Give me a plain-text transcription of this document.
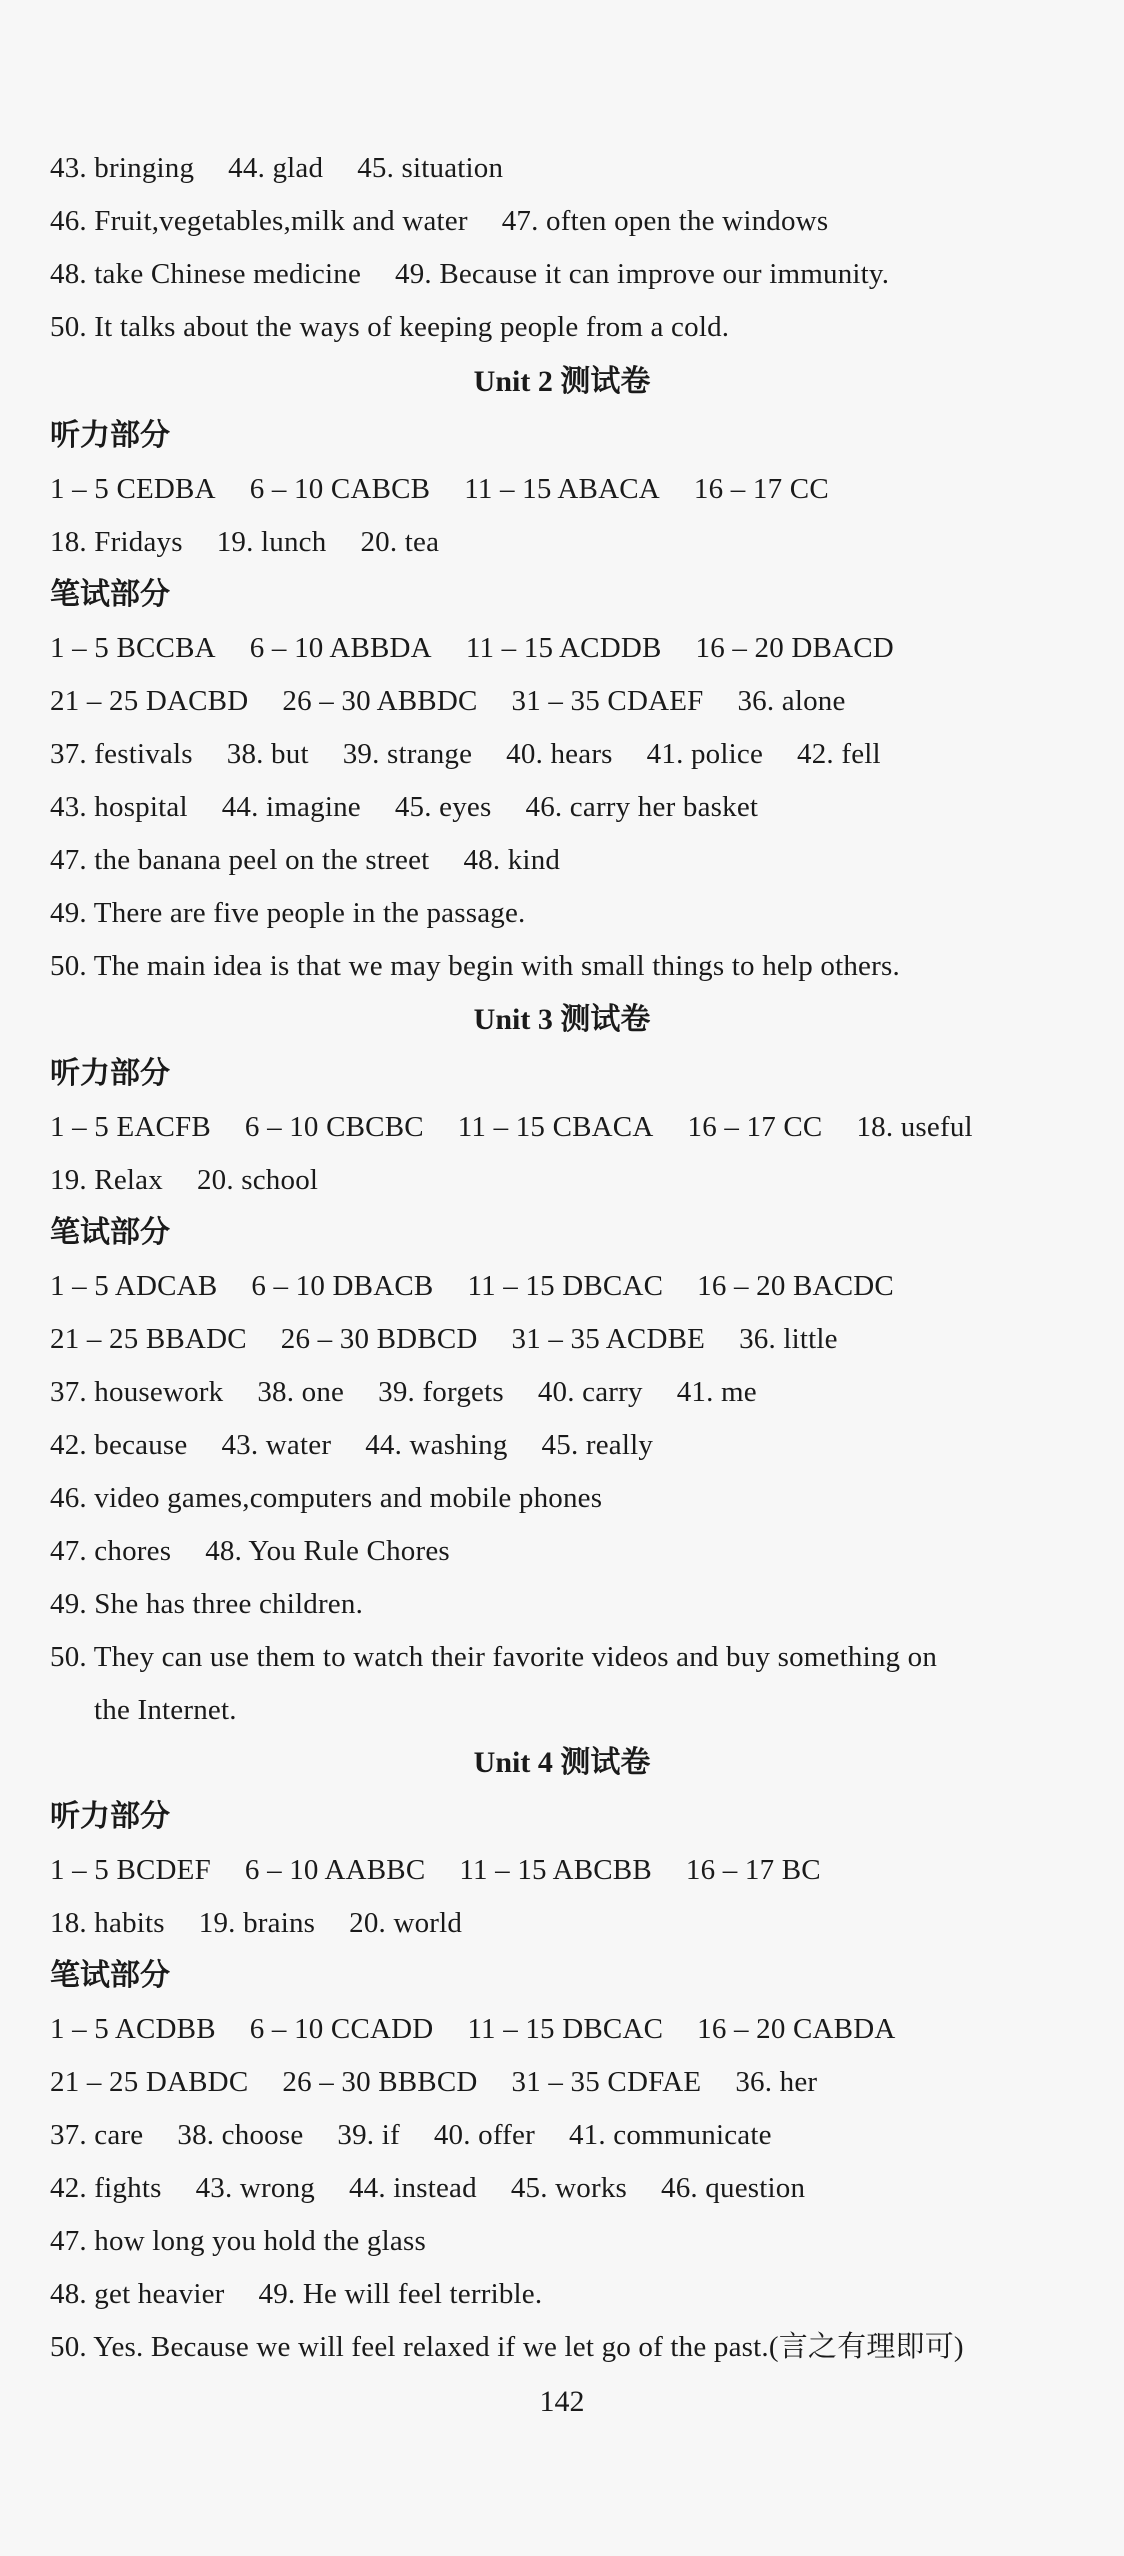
43. bringing 44. glad 45. situation
46. Fruit,vegetables,milk and water 47. often open the windows
48. take Chinese medicine 49. Because it can improve our immunity.
50. It talks about the ways of keeping people from a cold.
Unit 2 测试卷
听力部分
1 – 5 CEDBA 6 – 10 CABCB 11 – 15 ABACA 16 – 17 CC
18. Fridays 19. lunch 20. tea
笔试部分
1 – 5 BCCBA 6 – 10 ABBDA 11 – 15 ACDDB 16 – 20 DBACD
21 – 25 DACBD 26 – 30 ABBDC 31 – 35 CDAEF 36. alone
37. festivals 38. but 39. strange 40. hears 41. police 42. fell
43. hospital 44. imagine 45. eyes 46. carry her basket
47. the banana peel on the street 48. kind
49. There are five people in the passage.
50. The main idea is that we may begin with small things to help others.
Unit 3 测试卷
听力部分
1 – 5 EACFB 6 – 10 CBCBC 11 – 15 CBACA 16 – 17 CC 18. useful
19. Relax 20. school
笔试部分
1 – 5 ADCAB 6 – 10 DBACB 11 – 15 DBCAC 16 – 20 BACDC
21 – 25 BBADC 26 – 30 BDBCD 31 – 35 ACDBE 36. little
37. housework 38. one 39. forgets 40. carry 41. me
42. because 43. water 44. washing 45. really
46. video games,computers and mobile phones
47. chores 48. You Rule Chores
49. She has three children.
50. They can use them to watch their favorite videos and buy something on
the Internet.
Unit 4 测试卷
听力部分
1 – 5 BCDEF 6 – 10 AABBC 11 – 15 ABCBB 16 – 17 BC
18. habits 19. brains 20. world
笔试部分
1 – 5 ACDBB 6 – 10 CCADD 11 – 15 DBCAC 16 – 20 CABDA
21 – 25 DABDC 26 – 30 BBBCD 31 – 35 CDFAE 36. her
37. care 38. choose 39. if 40. offer 41. communicate
42. fights 43. wrong 44. instead 45. works 46. question
47. how long you hold the glass
48. get heavier 49. He will feel terrible.
50. Yes. Because we will feel relaxed if we let go of the past.(言之有理即可)
142
